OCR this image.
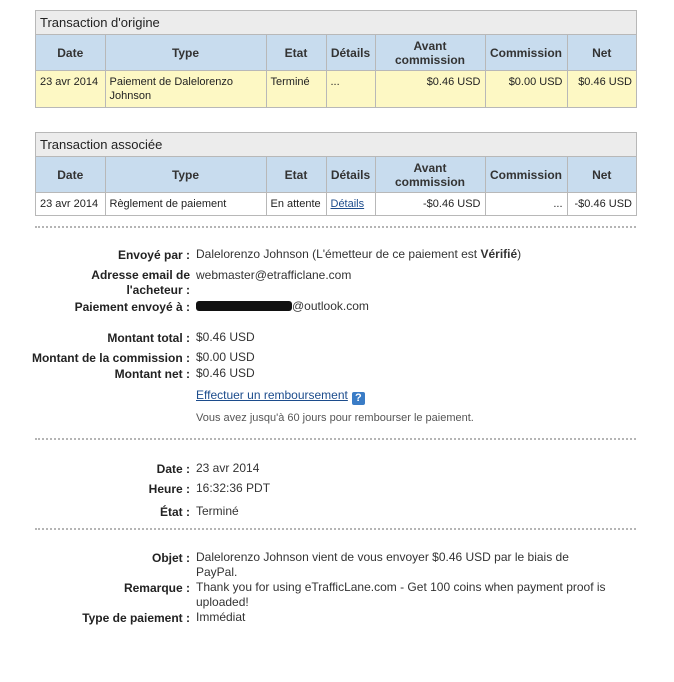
Transaction d'origine
Date	Type	Etat	Détails	Avant commission	Commission	Net
23 avr 2014	Paiement de Dalelorenzo Johnson	Terminé	...	$0.46 USD	$0.00 USD	$0.46 USD
Transaction associée
Date	Type	Etat	Détails	Avant commission	Commission	Net
23 avr 2014	Règlement de paiement	En attente	Détails	-$0.46 USD	...	-$0.46 USD
Envoyé par : Dalelorenzo Johnson (L'émetteur de ce paiement est Vérifié)
Adresse email de
l'acheteur :
webmaster@etrafficlane.com
Paiement envoyé à :	@outlook.com
Montant total : $0.46 USD
Montant de la commission : $0.00 USD
Montant net : $0.46 USD
Effectuer un remboursement ?
Vous avez jusqu'à 60 jours pour rembourser le paiement.
Date : 23 avr 2014
Heure : 16:32:36 PDT
État : Terminé
Objet : Dalelorenzo Johnson vient de vous envoyer $0.46 USD par le biais de PayPal.
Remarque : Thank you for using eTrafficLane.com - Get 100 coins when payment proof is uploaded!
Type de paiement : Immédiat
